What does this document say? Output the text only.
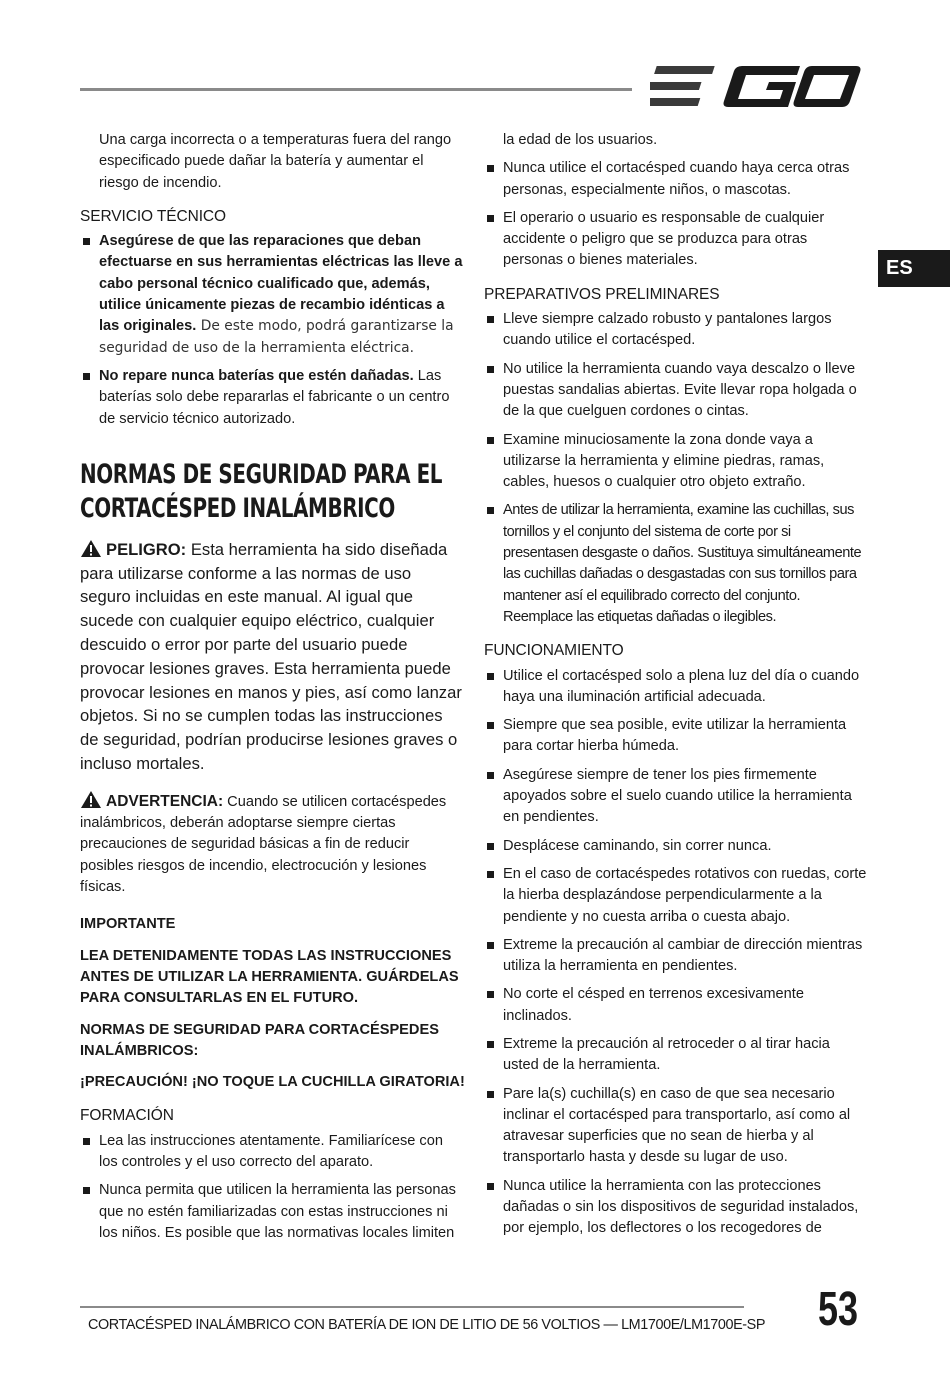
ES

Una carga incorrecta o a temperaturas fuera del rango especificado puede dañar la batería y aumentar el riesgo de incendio.

SERVICIO TÉCNICO
Asegúrese de que las reparaciones que deban efectuarse en sus herramientas eléctricas las lleve a cabo personal técnico cualificado que, además, utilice únicamente piezas de recambio idénticas a las originales. De este modo, podrá garantizarse la seguridad de uso de la herramienta eléctrica.
No repare nunca baterías que estén dañadas. Las baterías solo debe repararlas el fabricante o un centro de servicio técnico autorizado.
NORMAS DE SEGURIDAD PARA EL
CORTACÉSPED INALÁMBRICO

PELIGRO: Esta herramienta ha sido diseñada para utilizarse conforme a las normas de uso seguro incluidas en este manual. Al igual que sucede con cualquier equipo eléctrico, cualquier descuido o error por parte del usuario puede provocar lesiones graves. Esta herramienta puede provocar lesiones en manos y pies, así como lanzar objetos. Si no se cumplen todas las instrucciones de seguridad, podrían producirse lesiones graves o incluso mortales.

ADVERTENCIA: Cuando se utilicen cortacéspedes inalámbricos, deberán adoptarse siempre ciertas precauciones de seguridad básicas a fin de reducir posibles riesgos de incendio, electrocución y lesiones físicas.

IMPORTANTE

LEA DETENIDAMENTE TODAS LAS INSTRUCCIONES ANTES DE UTILIZAR LA HERRAMIENTA. GUÁRDELAS PARA CONSULTARLAS EN EL FUTURO.

NORMAS DE SEGURIDAD PARA CORTACÉSPEDES INALÁMBRICOS:

¡PRECAUCIÓN! ¡NO TOQUE LA CUCHILLA GIRATORIA!

FORMACIÓN
Lea las instrucciones atentamente. Familiarícese con los controles y el uso correcto del aparato.
Nunca permita que utilicen la herramienta las personas que no estén familiarizadas con estas instrucciones ni los niños. Es posible que las normativas locales limiten

la edad de los usuarios.

Nunca utilice el cortacésped cuando haya cerca otras personas, especialmente niños, o mascotas.
El operario o usuario es responsable de cualquier accidente o peligro que se produzca para otras personas o bienes materiales.
PREPARATIVOS PRELIMINARES
Lleve siempre calzado robusto y pantalones largos cuando utilice el cortacésped.
No utilice la herramienta cuando vaya descalzo o lleve puestas sandalias abiertas. Evite llevar ropa holgada o de la que cuelguen cordones o cintas.
Examine minuciosamente la zona donde vaya a utilizarse la herramienta y elimine piedras, ramas, cables, huesos o cualquier otro objeto extraño.
Antes de utilizar la herramienta, examine las cuchillas, sus tornillos y el conjunto del sistema de corte por si presentasen desgaste o daños. Sustituya simultáneamente las cuchillas dañadas o desgastadas con sus tornillos para mantener así el equilibrado correcto del conjunto. Reemplace las etiquetas dañadas o ilegibles.
FUNCIONAMIENTO
Utilice el cortacésped solo a plena luz del día o cuando haya una iluminación artificial adecuada.
Siempre que sea posible, evite utilizar la herramienta para cortar hierba húmeda.
Asegúrese siempre de tener los pies firmemente apoyados sobre el suelo cuando utilice la herramienta en pendientes.
Desplácese caminando, sin correr nunca.
En el caso de cortacéspedes rotativos con ruedas, corte la hierba desplazándose perpendicularmente a la pendiente y no cuesta arriba o cuesta abajo.
Extreme la precaución al cambiar de dirección mientras utiliza la herramienta en pendientes.
No corte el césped en terrenos excesivamente inclinados.
Extreme la precaución al retroceder o al tirar hacia usted de la herramienta.
Pare la(s) cuchilla(s) en caso de que sea necesario inclinar el cortacésped para transportarlo, así como al atravesar superficies que no sean de hierba y al transportarlo hasta y desde su lugar de uso.
Nunca utilice la herramienta con las protecciones dañadas o sin los dispositivos de seguridad instalados, por ejemplo, los deflectores o los recogedores de
CORTACÉSPED INALÁMBRICO CON BATERÍA DE ION DE LITIO DE 56 VOLTIOS — LM1700E/LM1700E-SP 53
